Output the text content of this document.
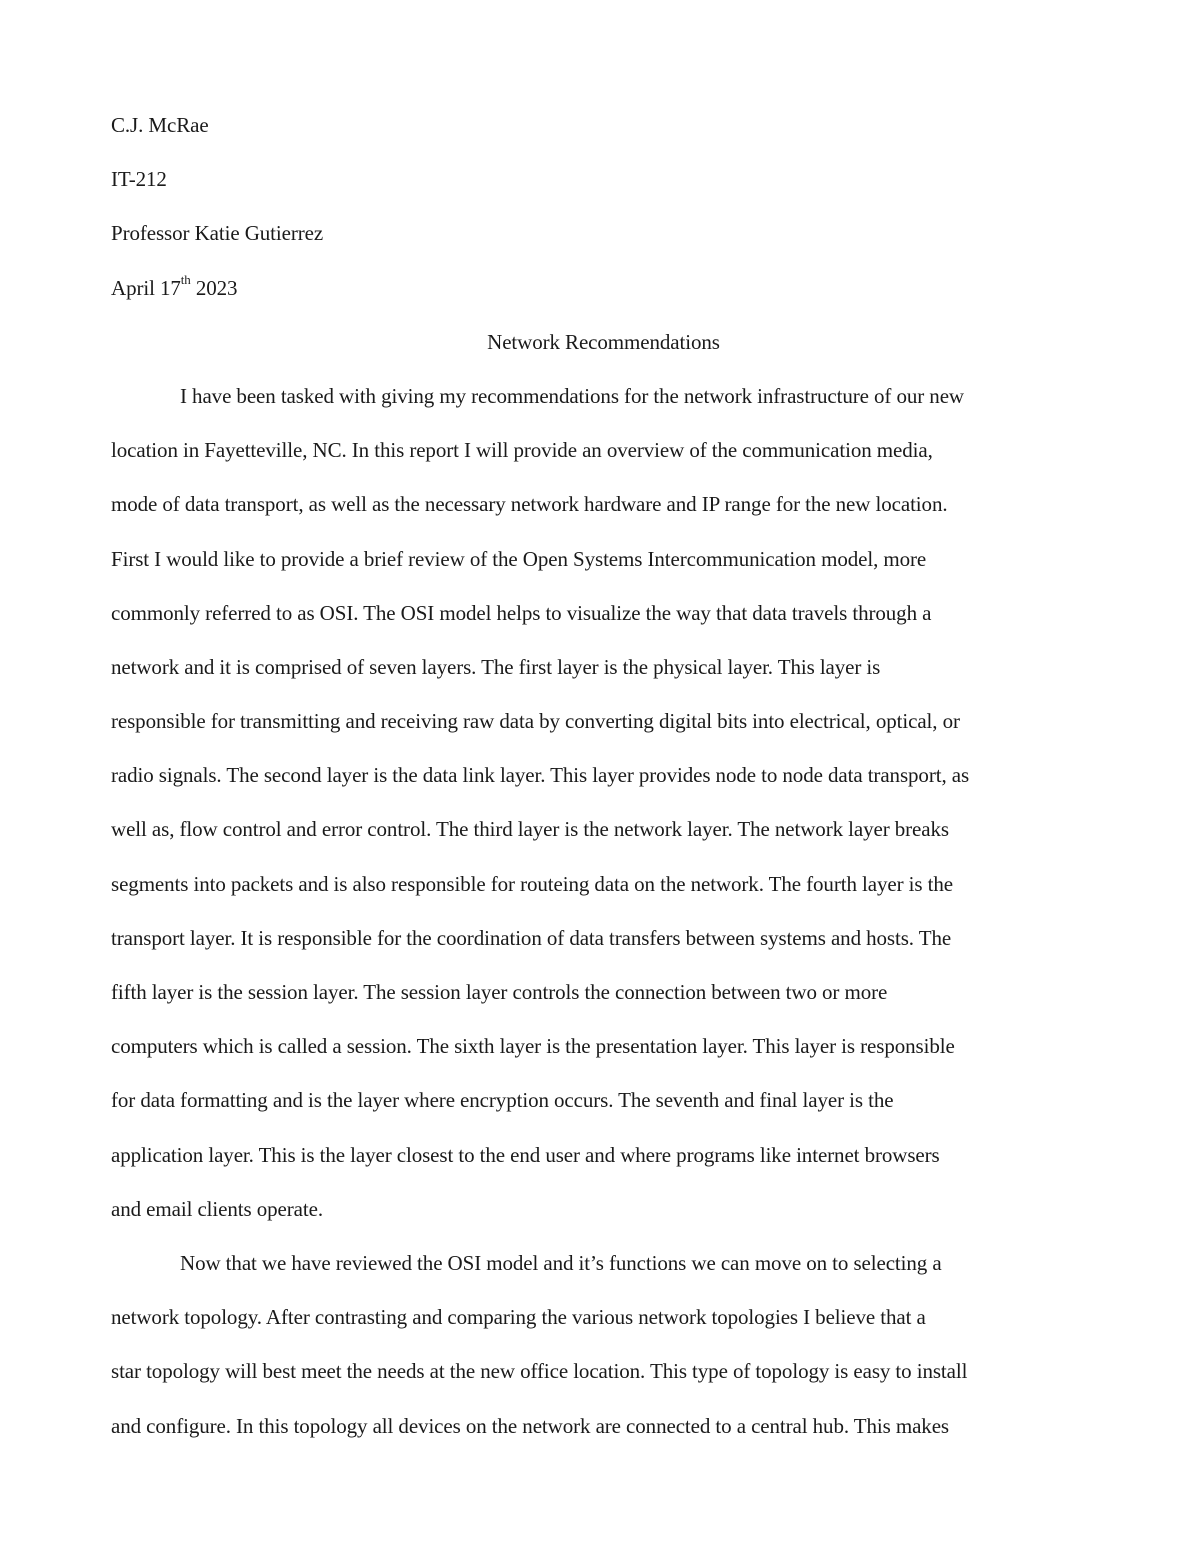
C.J. McRae
IT-212
Professor Katie Gutierrez
April 17th 2023
Network Recommendations
I have been tasked with giving my recommendations for the network infrastructure of our new
location in Fayetteville, NC. In this report I will provide an overview of the communication media,
mode of data transport, as well as the necessary network hardware and IP range for the new location.
First I would like to provide a brief review of the Open Systems Intercommunication model, more
commonly referred to as OSI. The OSI model helps to visualize the way that data travels through a
network and it is comprised of seven layers. The first layer is the physical layer. This layer is
responsible for transmitting and receiving raw data by converting digital bits into electrical, optical, or
radio signals. The second layer is the data link layer. This layer provides node to node data transport, as
well as, flow control and error control. The third layer is the network layer. The network layer breaks
segments into packets and is also responsible for routeing data on the network. The fourth layer is the
transport layer. It is responsible for the coordination of data transfers between systems and hosts. The
fifth layer is the session layer. The session layer controls the connection between two or more
computers which is called a session. The sixth layer is the presentation layer. This layer is responsible
for data formatting and is the layer where encryption occurs. The seventh and final layer is the
application layer. This is the layer closest to the end user and where programs like internet browsers
and email clients operate.
Now that we have reviewed the OSI model and it’s functions we can move on to selecting a
network topology. After contrasting and comparing the various network topologies I believe that a
star topology will best meet the needs at the new office location. This type of topology is easy to install
and configure. In this topology all devices on the network are connected to a central hub. This makes
